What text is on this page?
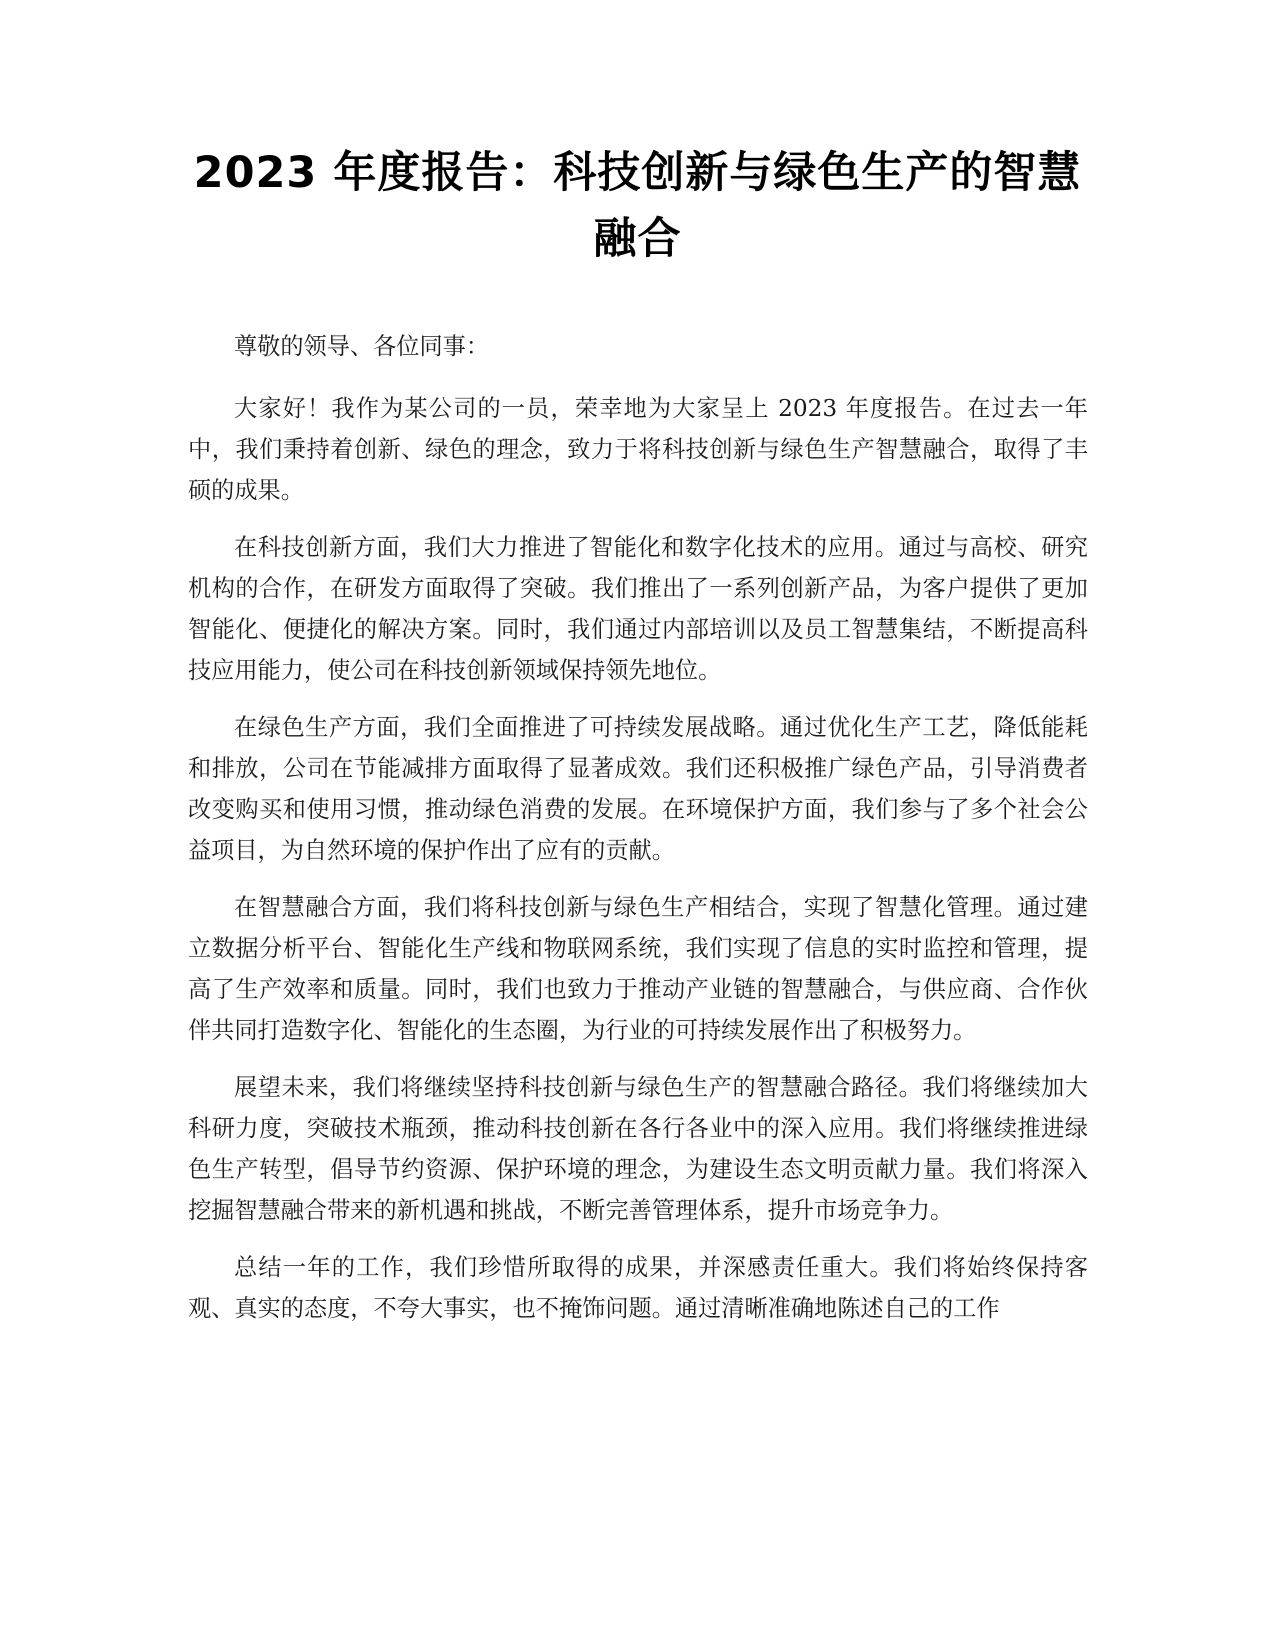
2023 年度报告：科技创新与绿色生产的智慧融合

尊敬的领导、各位同事：

大家好！我作为某公司的一员，荣幸地为大家呈上 2023 年度报告。在过去一年中，我们秉持着创新、绿色的理念，致力于将科技创新与绿色生产智慧融合，取得了丰硕的成果。

在科技创新方面，我们大力推进了智能化和数字化技术的应用。通过与高校、研究机构的合作，在研发方面取得了突破。我们推出了一系列创新产品，为客户提供了更加智能化、便捷化的解决方案。同时，我们通过内部培训以及员工智慧集结，不断提高科技应用能力，使公司在科技创新领域保持领先地位。

在绿色生产方面，我们全面推进了可持续发展战略。通过优化生产工艺，降低能耗和排放，公司在节能减排方面取得了显著成效。我们还积极推广绿色产品，引导消费者改变购买和使用习惯，推动绿色消费的发展。在环境保护方面，我们参与了多个社会公益项目，为自然环境的保护作出了应有的贡献。

在智慧融合方面，我们将科技创新与绿色生产相结合，实现了智慧化管理。通过建立数据分析平台、智能化生产线和物联网系统，我们实现了信息的实时监控和管理，提高了生产效率和质量。同时，我们也致力于推动产业链的智慧融合，与供应商、合作伙伴共同打造数字化、智能化的生态圈，为行业的可持续发展作出了积极努力。

展望未来，我们将继续坚持科技创新与绿色生产的智慧融合路径。我们将继续加大科研力度，突破技术瓶颈，推动科技创新在各行各业中的深入应用。我们将继续推进绿色生产转型，倡导节约资源、保护环境的理念，为建设生态文明贡献力量。我们将深入挖掘智慧融合带来的新机遇和挑战，不断完善管理体系，提升市场竞争力。

总结一年的工作，我们珍惜所取得的成果，并深感责任重大。我们将始终保持客观、真实的态度，不夸大事实，也不掩饰问题。通过清晰准确地陈述自己的工作
